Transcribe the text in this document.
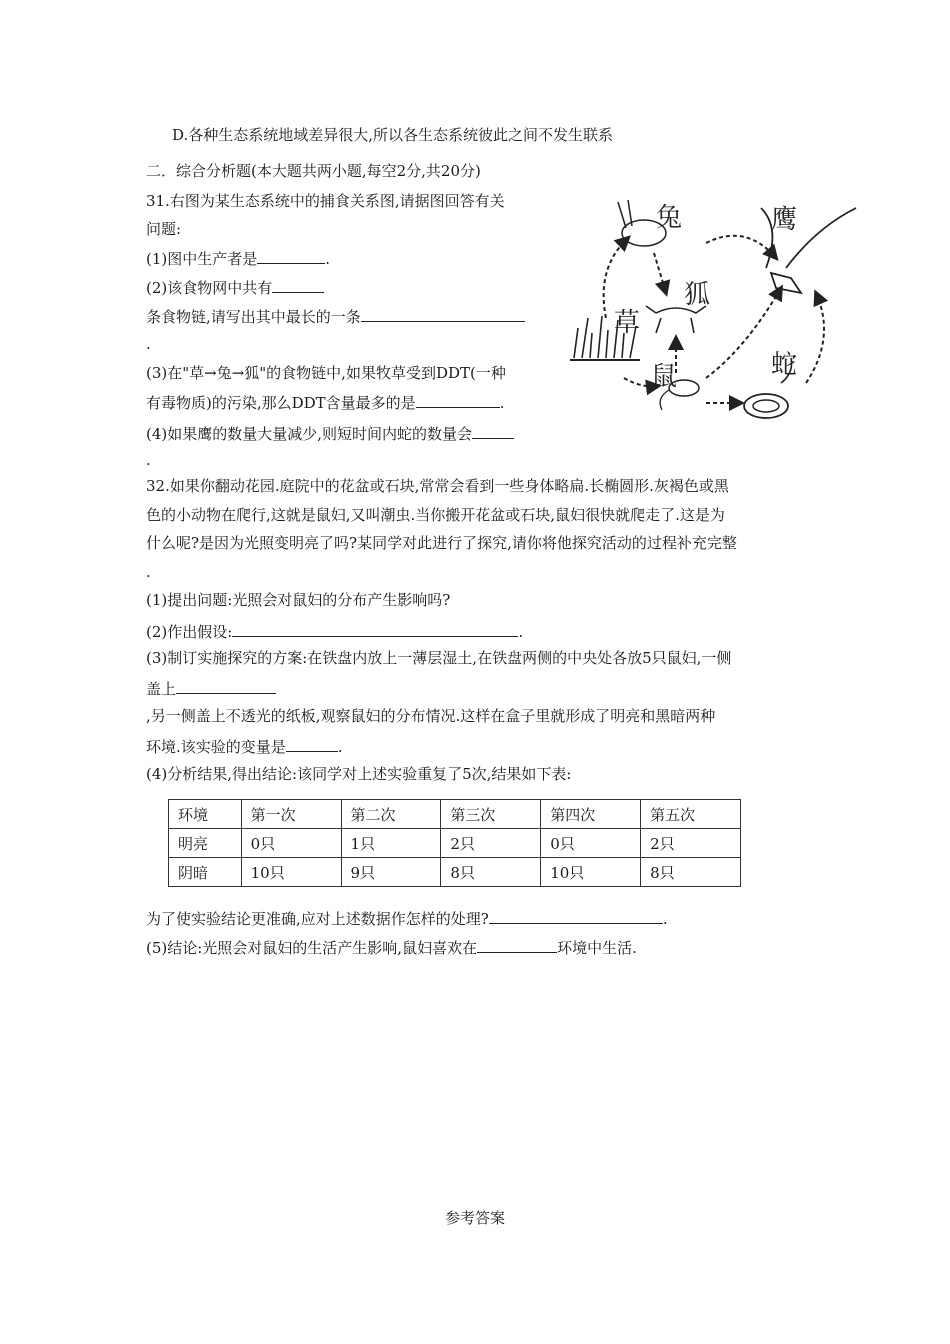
D.各种生态系统地域差异很大,所以各生态系统彼此之间不发生联系
二．综合分析题(本大题共两小题,每空2分,共20分)
31.右图为某生态系统中的捕食关系图,请据图回答有关
问题:
(1)图中生产者是	.
(2)该食物网中共有
条食物链,请写出其中最长的一条
.
(3)在"草→兔→狐"的食物链中,如果牧草受到DDT(一种
有毒物质)的污染,那么DDT含量最多的是	.
(4)如果鹰的数量大量减少,则短时间内蛇的数量会
.
兔	鹰
狐
草
鼠	蛇
32.如果你翻动花园.庭院中的花盆或石块,常常会看到一些身体略扁.长椭圆形.灰褐色或黑
色的小动物在爬行,这就是鼠妇,又叫潮虫.当你搬开花盆或石块,鼠妇很快就爬走了.这是为
什么呢?是因为光照变明亮了吗?某同学对此进行了探究,请你将他探究活动的过程补充完整
.
(1)提出问题:光照会对鼠妇的分布产生影响吗?
(2)作出假设:	.
(3)制订实施探究的方案:在铁盘内放上一薄层湿土,在铁盘两侧的中央处各放5只鼠妇,一侧
盖上
,另一侧盖上不透光的纸板,观察鼠妇的分布情况.这样在盒子里就形成了明亮和黑暗两种
环境.该实验的变量是	.
(4)分析结果,得出结论:该同学对上述实验重复了5次,结果如下表:
环境	第一次	第二次	第三次	第四次	第五次
明亮	0只	1只	2只	0只	2只
阴暗	10只	9只	8只	10只	8只
为了使实验结论更准确,应对上述数据作怎样的处理?	.
(5)结论:光照会对鼠妇的生活产生影响,鼠妇喜欢在	环境中生活.
参考答案
